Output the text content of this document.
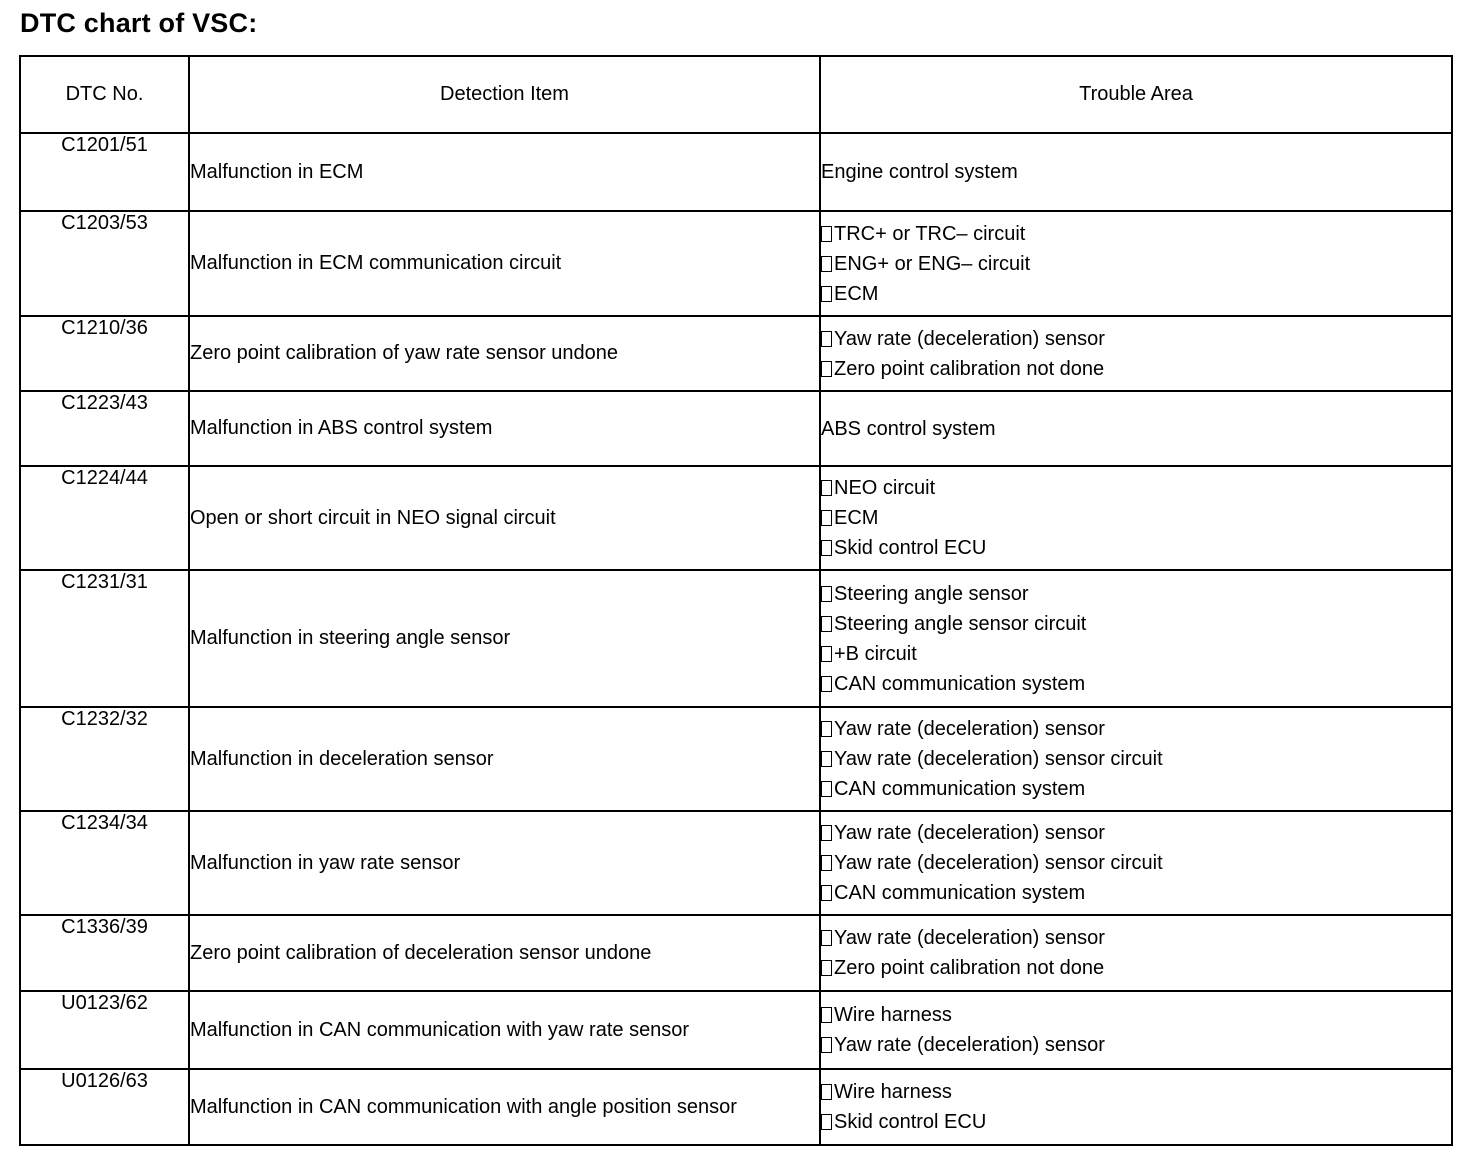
DTC chart of VSC:
DTC No.	Detection Item	Trouble Area
C1201/51	Malfunction in ECM	Engine control system

C1203/53	Malfunction in ECM communication circuit	TRC+ or TRC– circuit
ENG+ or ENG– circuit
ECM

C1210/36	Zero point calibration of yaw rate sensor undone	Yaw rate (deceleration) sensor
Zero point calibration not done

C1223/43	Malfunction in ABS control system	ABS control system

C1224/44	Open or short circuit in NEO signal circuit	NEO circuit
ECM
Skid control ECU

C1231/31	Malfunction in steering angle sensor	Steering angle sensor
Steering angle sensor circuit
+B circuit
CAN communication system

C1232/32	Malfunction in deceleration sensor	Yaw rate (deceleration) sensor
Yaw rate (deceleration) sensor circuit
CAN communication system

C1234/34	Malfunction in yaw rate sensor	Yaw rate (deceleration) sensor
Yaw rate (deceleration) sensor circuit
CAN communication system

C1336/39	Zero point calibration of deceleration sensor undone	Yaw rate (deceleration) sensor
Zero point calibration not done

U0123/62	Malfunction in CAN communication with yaw rate sensor	Wire harness
Yaw rate (deceleration) sensor

U0126/63	Malfunction in CAN communication with angle position sensor	Wire harness
Skid control ECU
